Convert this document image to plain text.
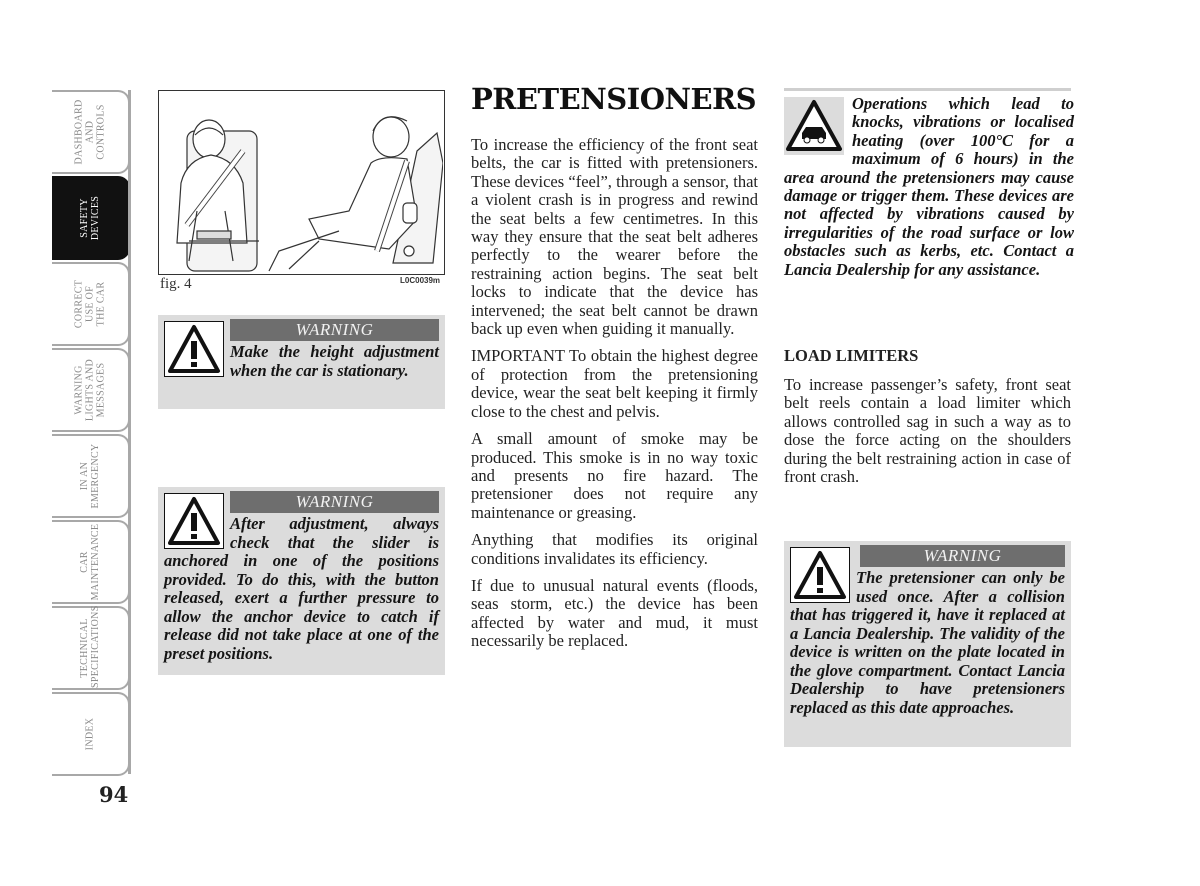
DASHBOARD
AND CONTROLS
SAFETY
DEVICES
CORRECT
USE OF
THE CAR
WARNING
LIGHTS AND
MESSAGES
IN AN
EMERGENCY
CAR
MAINTENANCE
TECHNICAL
SPECIFICATIONS
INDEX
94
fig. 4	L0C0039m
WARNING
Make the height adjustment when the car is stationary.
WARNING
After adjustment, always check that the slider is anchored in one of the positions provided. To do this, with the button released, exert a further pressure to allow the anchor device to catch if release did not take place at one of the preset positions.
PRETENSIONERS

To increase the efficiency of the front seat belts, the car is fitted with pretensioners. These devices “feel”, through a sensor, that a violent crash is in progress and rewind the seat belts a few centimetres. In this way they ensure that the seat belt adheres perfectly to the wearer before the restraining action begins. The seat belt locks to indicate that the device has intervened; the seat belt cannot be drawn back up even when guiding it manually.

IMPORTANT To obtain the highest degree of protection from the pretensioning device, wear the seat belt keeping it firmly close to the chest and pelvis.

A small amount of smoke may be produced. This smoke is in no way toxic and presents no fire hazard. The pretensioner does not require any maintenance or greasing.

Anything that modifies its original conditions invalidates its efficiency.

If due to unusual natural events (floods, seas storm, etc.) the device has been affected by water and mud, it must necessarily be replaced.

Operations which lead to knocks, vibrations or localised heating (over 100°C for a maximum of 6 hours) in the area around the pretensioners may cause damage or trigger them. These devices are not affected by vibrations caused by irregularities of the road surface or low obstacles such as kerbs, etc. Contact a Lancia Dealership for any assistance.
LOAD LIMITERS
To increase passenger’s safety, front seat belt reels contain a load limiter which allows controlled sag in such a way as to dose the force acting on the shoulders during the belt restraining action in case of front crash.
WARNING
The pretensioner can only be used once. After a collision that has triggered it, have it replaced at a Lancia Dealership. The validity of the device is written on the plate located in the glove compartment. Contact Lancia Dealership to have pretensioners replaced as this date approaches.
